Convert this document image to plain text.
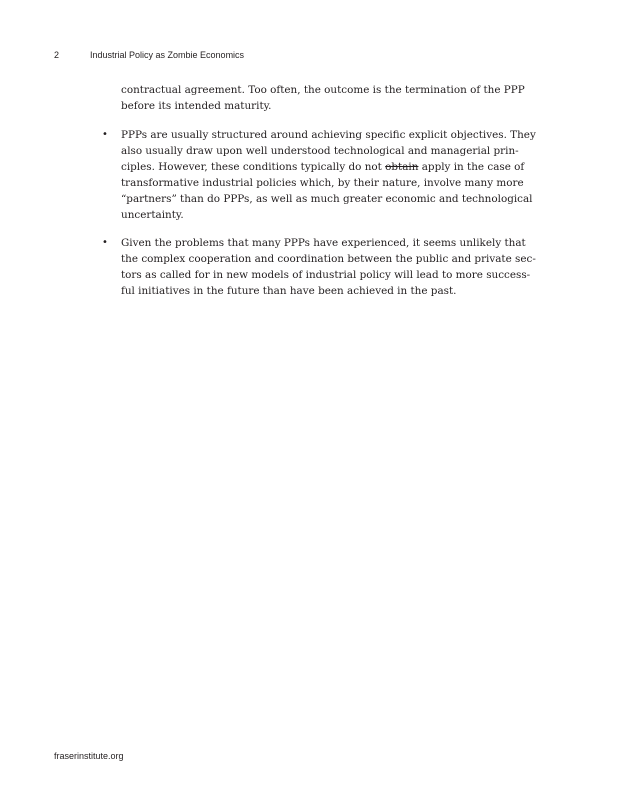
2	Industrial Policy as Zombie Economics

contractual agreement. Too often, the outcome is the termination of the PPP
before its intended maturity.

• PPPs are usually structured around achieving specific explicit objectives. They
also usually draw upon well understood technological and managerial prin-
ciples. However, these conditions typically do not obtain apply in the case of
transformative industrial policies which, by their nature, involve many more
“partners” than do PPPs, as well as much greater economic and technological
uncertainty.
• Given the problems that many PPPs have experienced, it seems unlikely that
the complex cooperation and coordination between the public and private sec-
tors as called for in new models of industrial policy will lead to more success-
ful initiatives in the future than have been achieved in the past.
fraserinstitute.org
